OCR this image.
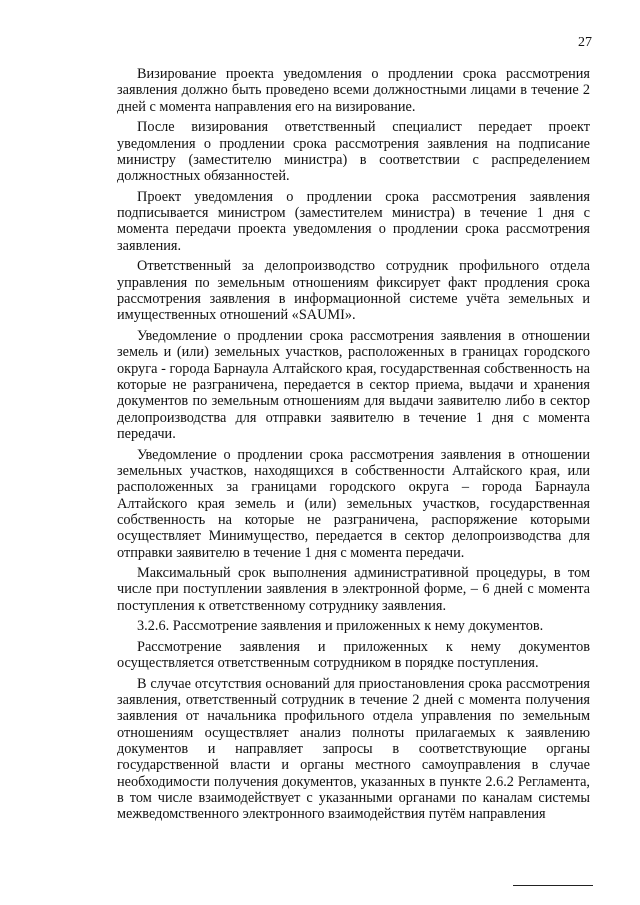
27

Визирование проекта уведомления о продлении срока рассмотрения заявления должно быть проведено всеми должностными лицами в течение 2 дней с момента направления его на визирование.

После визирования ответственный специалист передает проект уведомления о продлении срока рассмотрения заявления на подписание министру (заместителю министра) в соответствии с распределением должностных обязанностей.

Проект уведомления о продлении срока рассмотрения заявления подписывается министром (заместителем министра) в течение 1 дня с момента передачи проекта уведомления о продлении срока рассмотрения заявления.

Ответственный за делопроизводство сотрудник профильного отдела управления по земельным отношениям фиксирует факт продления срока рассмотрения заявления в информационной системе учёта земельных и имущественных отношений «SAUMI».

Уведомление о продлении срока рассмотрения заявления в отношении земель и (или) земельных участков, расположенных в границах городского округа - города Барнаула Алтайского края, государственная собственность на которые не разграничена, передается в сектор приема, выдачи и хранения документов по земельным отношениям для выдачи заявителю либо в сектор делопроизводства для отправки заявителю в течение 1 дня с момента передачи.

Уведомление о продлении срока рассмотрения заявления в отношении земельных участков, находящихся в собственности Алтайского края, или расположенных за границами городского округа – города Барнаула Алтайского края земель и (или) земельных участков, государственная собственность на которые не разграничена, распоряжение которыми осуществляет Минимущество, передается в сектор делопроизводства для отправки заявителю в течение 1 дня с момента передачи.

Максимальный срок выполнения административной процедуры, в том числе при поступлении заявления в электронной форме, – 6 дней с момента поступления к ответственному сотруднику заявления.

3.2.6. Рассмотрение заявления и приложенных к нему документов.

Рассмотрение заявления и приложенных к нему документов осуществляется ответственным сотрудником в порядке поступления.

В случае отсутствия оснований для приостановления срока рассмотрения заявления, ответственный сотрудник в течение 2 дней с момента получения заявления от начальника профильного отдела управления по земельным отношениям осуществляет анализ полноты прилагаемых к заявлению документов и направляет запросы в соответствующие органы государственной власти и органы местного самоуправления в случае необходимости получения документов, указанных в пункте 2.6.2 Регламента, в том числе взаимодействует с указанными органами по каналам системы межведомственного электронного взаимодействия путём направления
